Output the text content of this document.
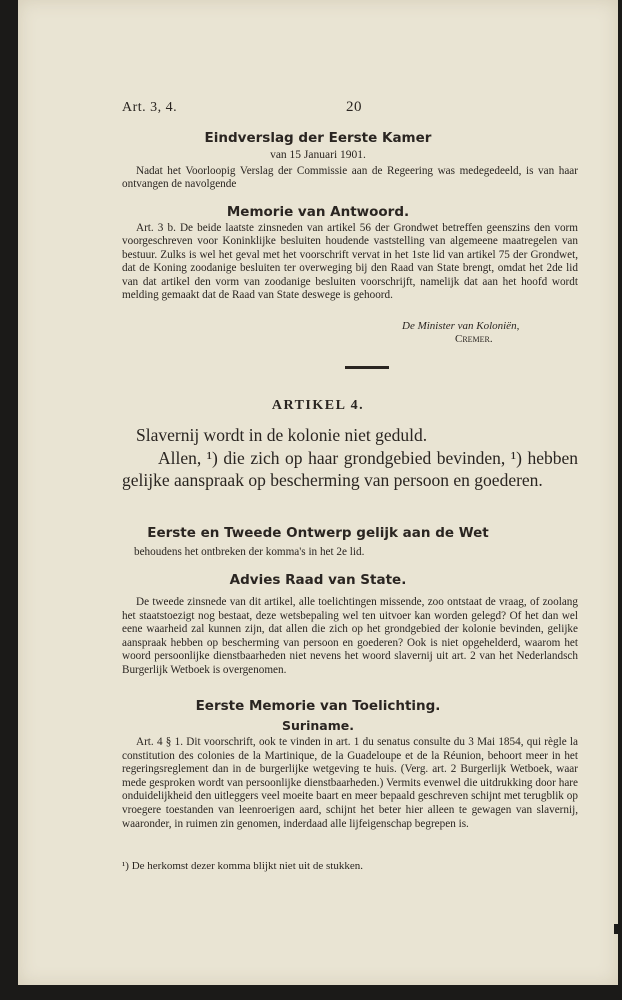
Art. 3, 4.	20
Eindverslag der Eerste Kamer
van 15 Januari 1901.
Nadat het Voorloopig Verslag der Commissie aan de Regeering was medegedeeld, is van haar ontvangen de navolgende
Memorie van Antwoord.
Art. 3 b. De beide laatste zinsneden van artikel 56 der Grondwet betreffen geenszins den vorm voorgeschreven voor Koninklijke besluiten houdende vaststelling van algemeene maatregelen van bestuur. Zulks is wel het geval met het voorschrift vervat in het 1ste lid van artikel 75 der Grondwet, dat de Koning zoodanige besluiten ter overweging bij den Raad van State brengt, omdat het 2de lid van dat artikel den vorm van zoodanige besluiten voorschrijft, namelijk dat aan het hoofd wordt melding gemaakt dat de Raad van State deswege is gehoord.
De Minister van Koloniën,
Cremer.
ARTIKEL 4.
Slavernij wordt in de kolonie niet geduld.
Allen, ¹) die zich op haar grondgebied bevinden, ¹) hebben gelijke aanspraak op bescherming van persoon en goederen.
Eerste en Tweede Ontwerp gelijk aan de Wet
behoudens het ontbreken der komma's in het 2e lid.
Advies Raad van State.
De tweede zinsnede van dit artikel, alle toelichtingen missende, zoo ontstaat de vraag, of zoolang het staatstoezigt nog bestaat, deze wetsbepaling wel ten uitvoer kan worden gelegd? Of het dan wel eene waarheid zal kunnen zijn, dat allen die zich op het grondgebied der kolonie bevinden, gelijke aanspraak hebben op bescherming van persoon en goederen? Ook is niet opgehelderd, waarom het woord persoonlijke dienstbaarheden niet nevens het woord slavernij uit art. 2 van het Nederlandsch Burgerlijk Wetboek is overgenomen.
Eerste Memorie van Toelichting.
Suriname.
Art. 4 § 1. Dit voorschrift, ook te vinden in art. 1 du senatus consulte du 3 Mai 1854, qui règle la constitution des colonies de la Martinique, de la Guadeloupe et de la Réunion, behoort meer in het regeringsreglement dan in de burgerlijke wetgeving te huis. (Verg. art. 2 Burgerlijk Wetboek, waar mede gesproken wordt van persoonlijke dienstbaarheden.) Vermits evenwel die uitdrukking door hare onduidelijkheid den uitleggers veel moeite baart en meer bepaald geschreven schijnt met terugblik op vroegere toestanden van leenroerigen aard, schijnt het beter hier alleen te gewagen van slavernij, waaronder, in ruimen zin genomen, inderdaad alle lijfeigenschap begrepen is.
¹) De herkomst dezer komma blijkt niet uit de stukken.
